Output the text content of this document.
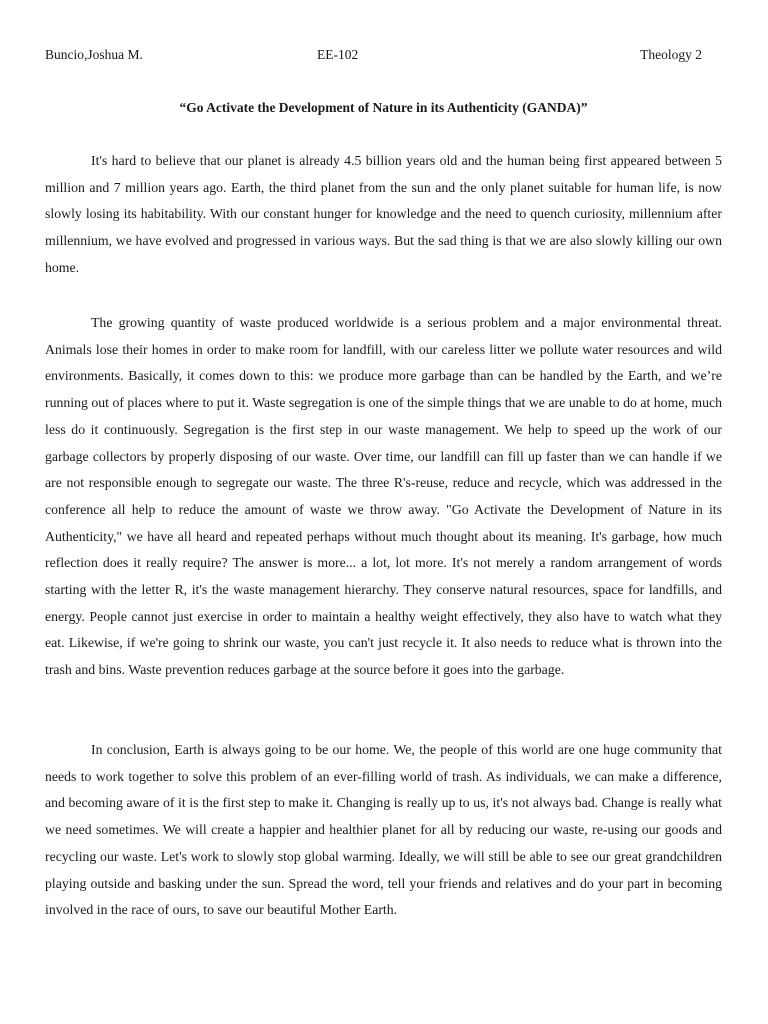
Buncio,Joshua M.	EE-102	Theology 2
“Go Activate the Development of Nature in its Authenticity (GANDA)”

It's hard to believe that our planet is already 4.5 billion years old and the human being first appeared between 5 million and 7 million years ago. Earth, the third planet from the sun and the only planet suitable for human life, is now slowly losing its habitability. With our constant hunger for knowledge and the need to quench curiosity, millennium after millennium, we have evolved and progressed in various ways. But the sad thing is that we are also slowly killing our own home.

The growing quantity of waste produced worldwide is a serious problem and a major environmental threat. Animals lose their homes in order to make room for landfill, with our careless litter we pollute water resources and wild environments. Basically, it comes down to this: we produce more garbage than can be handled by the Earth, and we’re running out of places where to put it. Waste segregation is one of the simple things that we are unable to do at home, much less do it continuously. Segregation is the first step in our waste management. We help to speed up the work of our garbage collectors by properly disposing of our waste. Over time, our landfill can fill up faster than we can handle if we are not responsible enough to segregate our waste. The three R's-reuse, reduce and recycle, which was addressed in the conference all help to reduce the amount of waste we throw away. "Go Activate the Development of Nature in its Authenticity," we have all heard and repeated perhaps without much thought about its meaning. It's garbage, how much reflection does it really require? The answer is more... a lot, lot more. It's not merely a random arrangement of words starting with the letter R, it's the waste management hierarchy. They conserve natural resources, space for landfills, and energy. People cannot just exercise in order to maintain a healthy weight effectively, they also have to watch what they eat. Likewise, if we're going to shrink our waste, you can't just recycle it. It also needs to reduce what is thrown into the trash and bins. Waste prevention reduces garbage at the source before it goes into the garbage.

In conclusion, Earth is always going to be our home. We, the people of this world are one huge community that needs to work together to solve this problem of an ever-filling world of trash. As individuals, we can make a difference, and becoming aware of it is the first step to make it. Changing is really up to us, it's not always bad. Change is really what we need sometimes. We will create a happier and healthier planet for all by reducing our waste, re-using our goods and recycling our waste. Let's work to slowly stop global warming. Ideally, we will still be able to see our great grandchildren playing outside and basking under the sun. Spread the word, tell your friends and relatives and do your part in becoming involved in the race of ours, to save our beautiful Mother Earth.
